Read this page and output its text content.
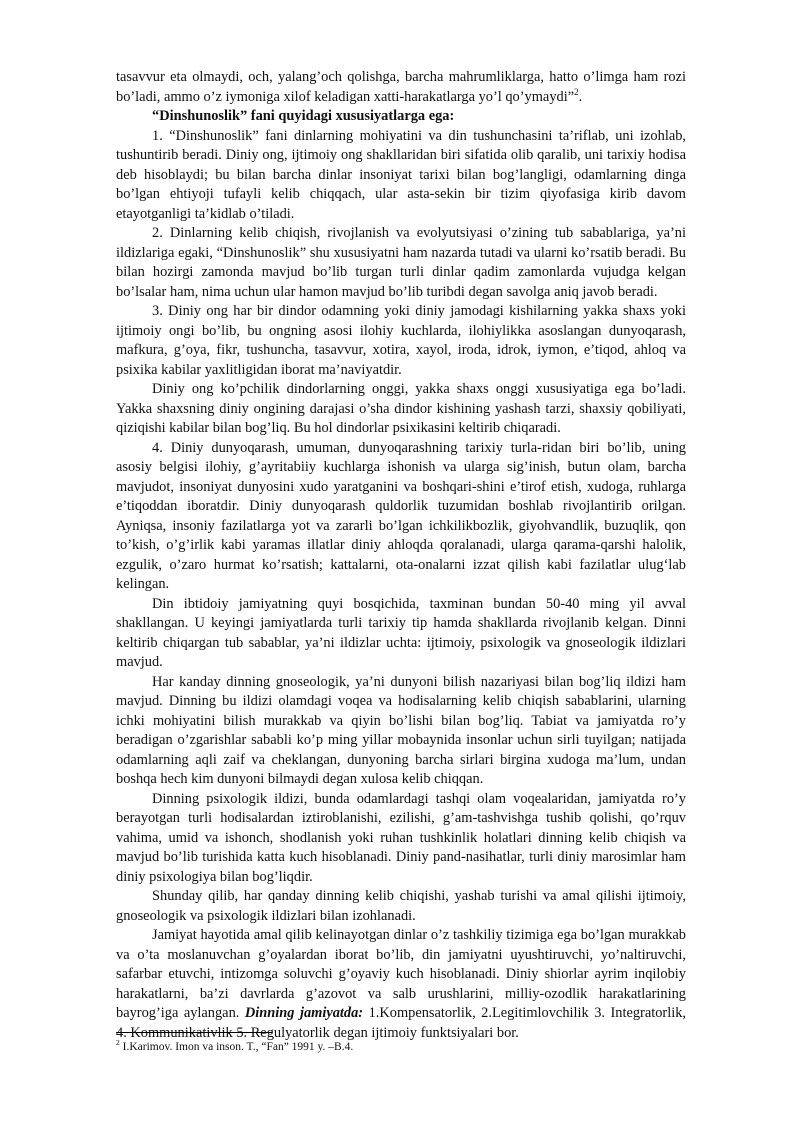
tasavvur eta olmaydi, och, yalang’och qolishga, barcha mahrumliklarga, hatto o’limga ham rozi bo’ladi, ammo o’z iymoniga xilof keladigan xatti-harakatlarga yo’l qo’ymaydi”$^2$.

“Dinshunoslik” fani quyidagi xususiyatlarga ega:

1. “Dinshunoslik” fani dinlarning mohiyatini va din tushunchasini ta’riflab, uni izohlab, tushuntirib beradi. Diniy ong, ijtimoiy ong shakllaridan biri sifatida olib qaralib, uni tarixiy hodisa deb hisoblaydi; bu bilan barcha dinlar insoniyat tarixi bilan bog’langligi, odamlarning dinga bo’lgan ehtiyoji tufayli kelib chiqqach, ular asta-sekin bir tizim qiyofasiga kirib davom etayotganligi ta’kidlab o’tiladi.

2. Dinlarning kelib chiqish, rivojlanish va evolyutsiyasi o’zining tub sabablariga, ya’ni ildizlariga egaki, “Dinshunoslik” shu xususiyatni ham nazarda tutadi va ularni ko’rsatib beradi. Bu bilan hozirgi zamonda mavjud bo’lib turgan turli dinlar qadim zamonlarda vujudga kelgan bo’lsalar ham, nima uchun ular hamon mavjud bo’lib turibdi degan savolga aniq javob beradi.

3. Diniy ong har bir dindor odamning yoki diniy jamodagi kishilarning yakka shaxs yoki ijtimoiy ongi bo’lib, bu ongning asosi ilohiy kuchlarda, ilohiylikka asoslangan dunyoqarash, mafkura, g’oya, fikr, tushuncha, tasavvur, xotira, xayol, iroda, idrok, iymon, e’tiqod, ahloq va psixika kabilar yaxlitligidan iborat ma’naviyatdir.

Diniy ong ko’pchilik dindorlarning onggi, yakka shaxs onggi xususiyatiga ega bo’ladi. Yakka shaxsning diniy ongining darajasi o’sha dindor kishining yashash tarzi, shaxsiy qobiliyati, qiziqishi kabilar bilan bog’liq. Bu hol dindorlar psixikasini keltirib chiqaradi.

4. Diniy dunyoqarash, umuman, dunyoqarashning tarixiy turla-ridan biri bo’lib, uning asosiy belgisi ilohiy, g’ayritabiiy kuchlarga ishonish va ularga sig’inish, butun olam, barcha mavjudot, insoniyat dunyosini xudo yaratganini va boshqari-shini e’tirof etish, xudoga, ruhlarga e’tiqoddan iboratdir. Diniy dunyoqarash quldorlik tuzumidan boshlab rivojlantirib orilgan. Ayniqsa, insoniy fazilatlarga yot va zararli bo’lgan ichkilikbozlik, giyohvandlik, buzuqlik, qon to’kish, o’g’irlik kabi yaramas illatlar diniy ahloqda qoralanadi, ularga qarama-qarshi halolik, ezgulik, o’zaro hurmat ko’rsatish; kattalarni, ota-onalarni izzat qilish kabi fazilatlar ulug‘lab kelingan.

Din ibtidoiy jamiyatning quyi bosqichida, taxminan bundan 50-40 ming yil avval shakllangan. U keyingi jamiyatlarda turli tarixiy tip hamda shakllarda rivojlanib kelgan. Dinni keltirib chiqargan tub sabablar, ya’ni ildizlar uchta: ijtimoiy, psixologik va gnoseologik ildizlari mavjud.

Har kanday dinning gnoseologik, ya’ni dunyoni bilish nazariyasi bilan bog’liq ildizi ham mavjud. Dinning bu ildizi olamdagi voqea va hodisalarning kelib chiqish sabablarini, ularning ichki mohiyatini bilish murakkab va qiyin bo’lishi bilan bog’liq. Tabiat va jamiyatda ro’y beradigan o’zgarishlar sababli ko’p ming yillar mobaynida insonlar uchun sirli tuyilgan; natijada odamlarning aqli zaif va cheklangan, dunyoning barcha sirlari birgina xudoga ma’lum, undan boshqa hech kim dunyoni bilmaydi degan xulosa kelib chiqqan.

Dinning psixologik ildizi, bunda odamlardagi tashqi olam voqealaridan, jamiyatda ro’y berayotgan turli hodisalardan iztiroblanishi, ezilishi, g’am-tashvishga tushib qolishi, qo’rquv vahima, umid va ishonch, shodlanish yoki ruhan tushkinlik holatlari dinning kelib chiqish va mavjud bo’lib turishida katta kuch hisoblanadi. Diniy pand-nasihatlar, turli diniy marosimlar ham diniy psixologiya bilan bog’liqdir.

Shunday qilib, har qanday dinning kelib chiqishi, yashab turishi va amal qilishi ijtimoiy, gnoseologik va psixologik ildizlari bilan izohlanadi.

Jamiyat hayotida amal qilib kelinayotgan dinlar o’z tashkiliy tizimiga ega bo’lgan murakkab va o’ta moslanuvchan g’oyalardan iborat bo’lib, din jamiyatni uyushtiruvchi, yo’naltiruvchi, safarbar etuvchi, intizomga soluvchi g’oyaviy kuch hisoblanadi. Diniy shiorlar ayrim inqilobiy harakatlarni, ba’zi davrlarda g’azovot va salb urushlarini, milliy-ozodlik harakatlarining bayrog’iga aylangan. Dinning jamiyatda: 1.Kompensatorlik, 2.Legitimlovchilik 3. Integratorlik, 4. Kommunikativlik 5. Regulyatorlik degan ijtimoiy funktsiyalari bor.

$^2$ I.Karimov. Imon va inson. T., “Fan” 1991 y. –B.4.
